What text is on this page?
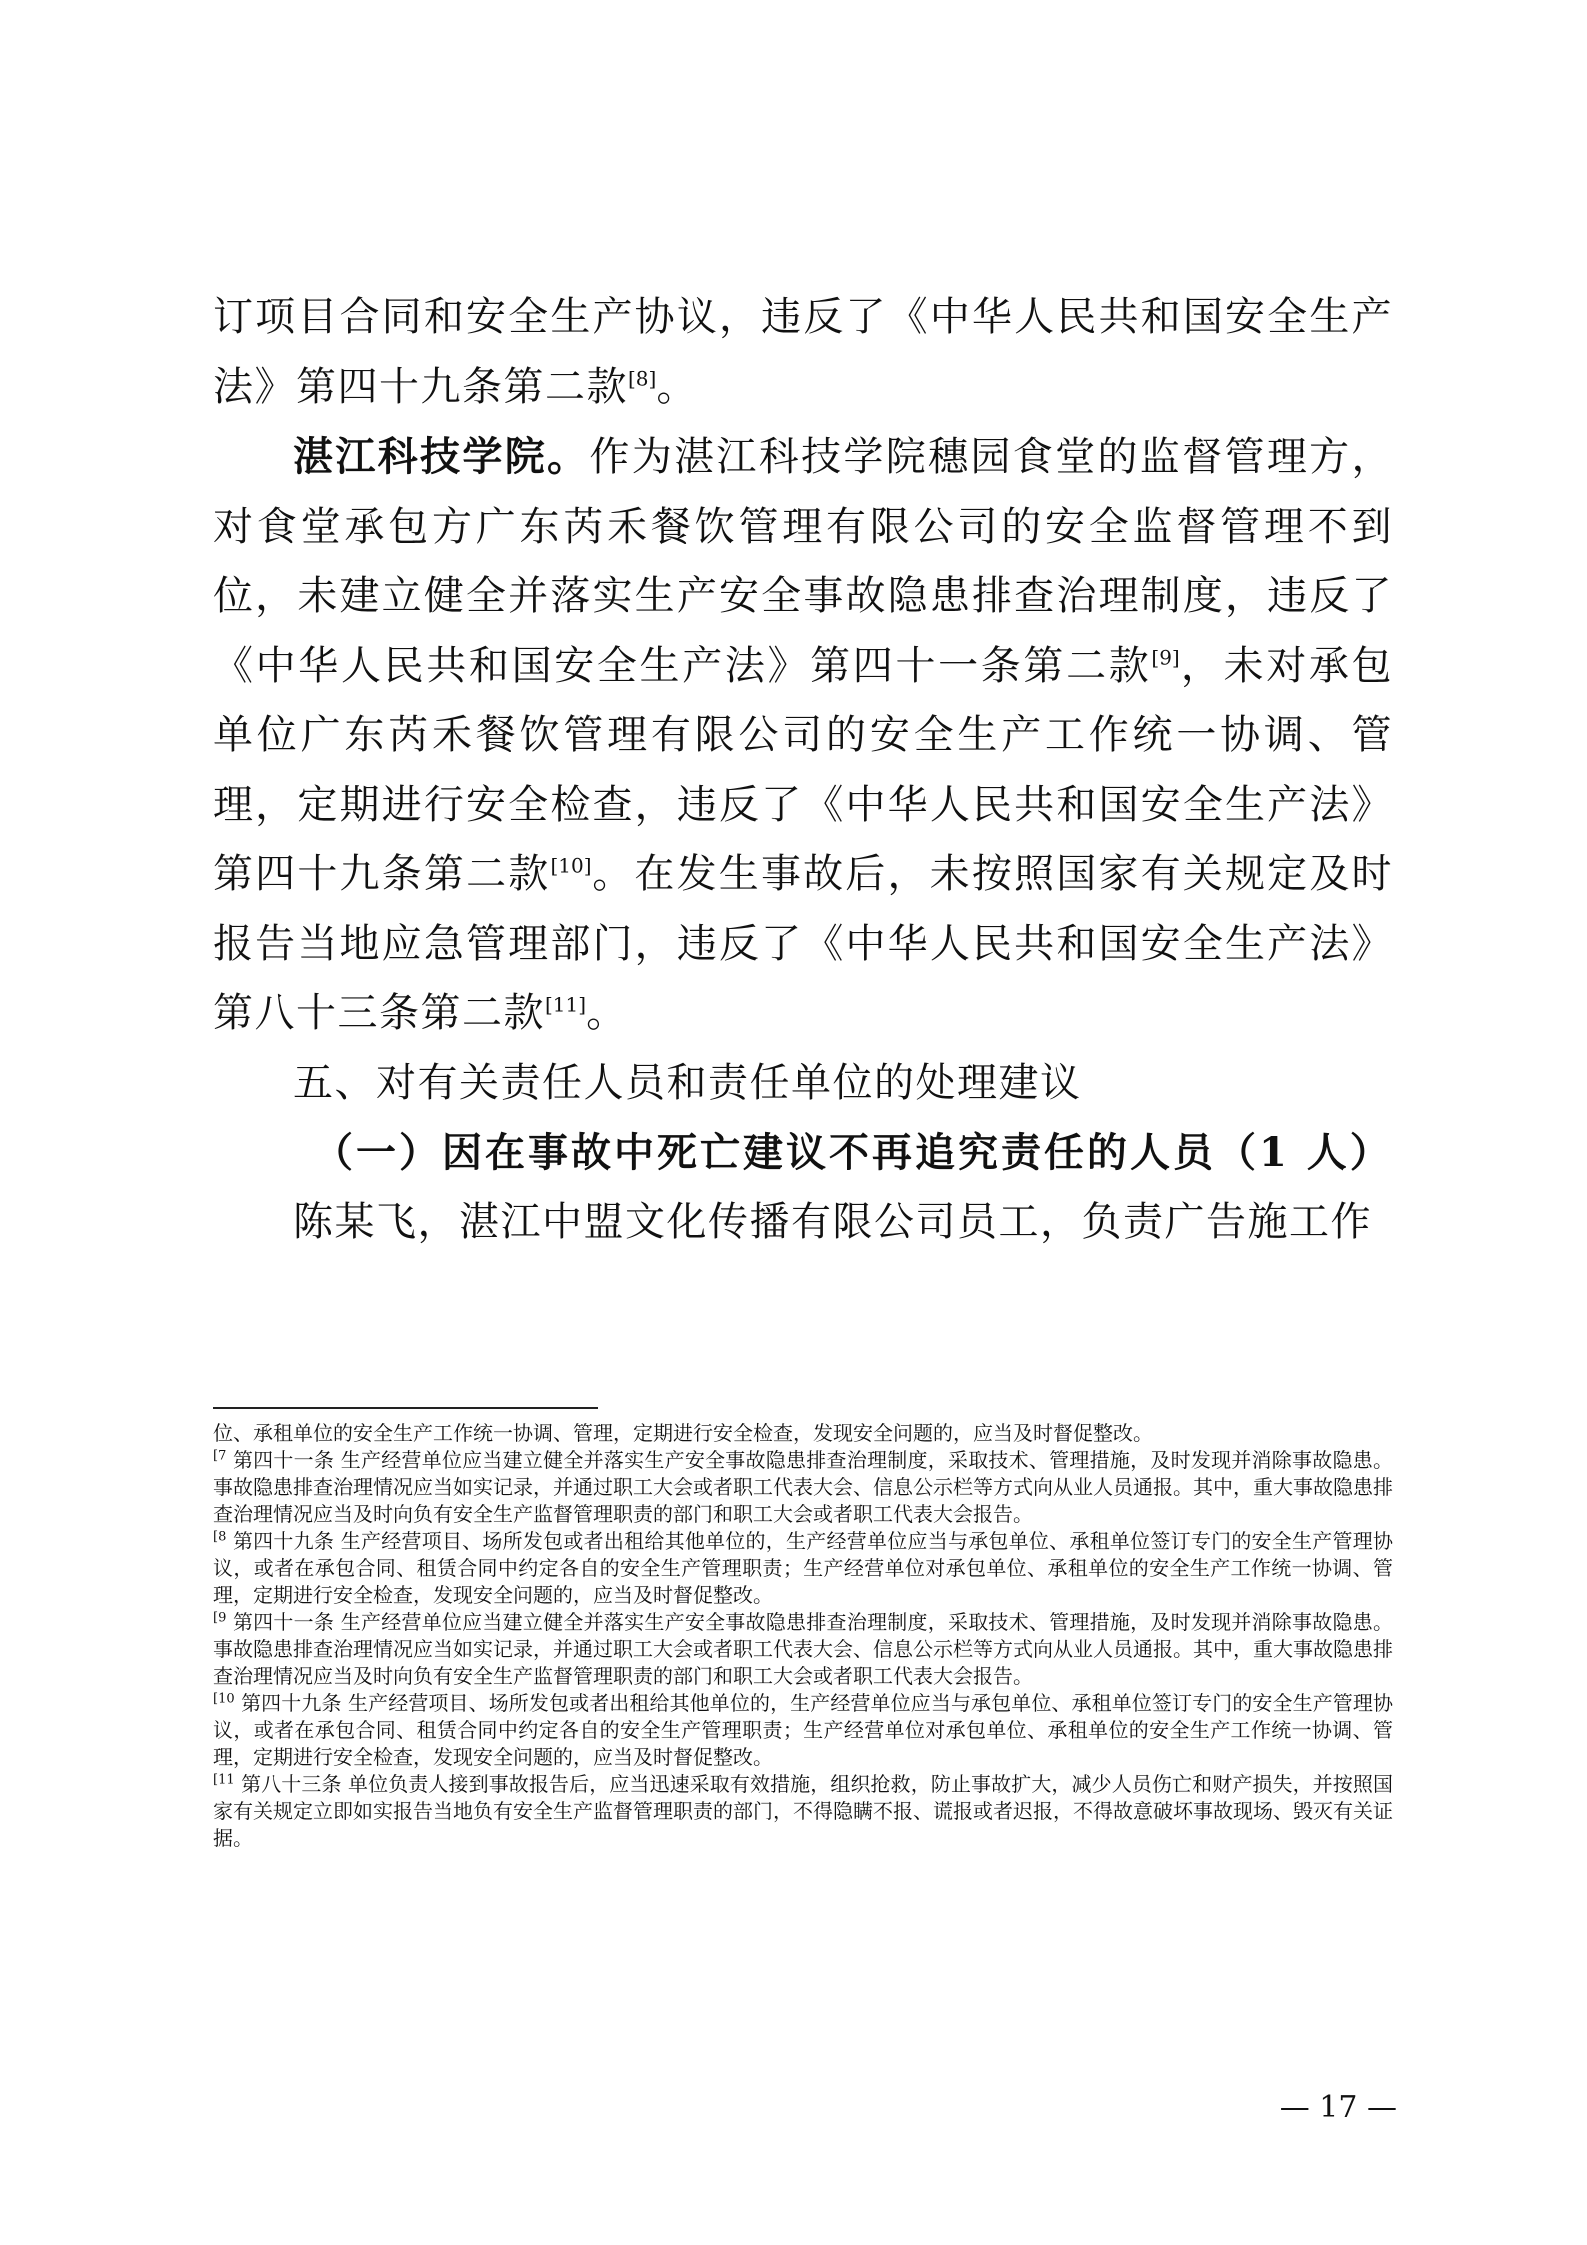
订项目合同和安全生产协议，违反了《中华人民共和国安全生产法》第四十九条第二款[8]。

湛江科技学院。作为湛江科技学院穗园食堂的监督管理方，对食堂承包方广东芮禾餐饮管理有限公司的安全监督管理不到位，未建立健全并落实生产安全事故隐患排查治理制度，违反了《中华人民共和国安全生产法》第四十一条第二款[9]，未对承包单位广东芮禾餐饮管理有限公司的安全生产工作统一协调、管理，定期进行安全检查，违反了《中华人民共和国安全生产法》第四十九条第二款[10]。在发生事故后，未按照国家有关规定及时报告当地应急管理部门，违反了《中华人民共和国安全生产法》第八十三条第二款[11]。

五、对有关责任人员和责任单位的处理建议

（一）因在事故中死亡建议不再追究责任的人员（1 人）

陈某飞，湛江中盟文化传播有限公司员工，负责广告施工作

位、承租单位的安全生产工作统一协调、管理，定期进行安全检查，发现安全问题的，应当及时督促整改。

$^{[7}$ 第四十一条 生产经营单位应当建立健全并落实生产安全事故隐患排查治理制度，采取技术、管理措施，及时发现并消除事故隐患。事故隐患排查治理情况应当如实记录，并通过职工大会或者职工代表大会、信息公示栏等方式向从业人员通报。其中，重大事故隐患排查治理情况应当及时向负有安全生产监督管理职责的部门和职工大会或者职工代表大会报告。

$^{[8}$ 第四十九条 生产经营项目、场所发包或者出租给其他单位的，生产经营单位应当与承包单位、承租单位签订专门的安全生产管理协议，或者在承包合同、租赁合同中约定各自的安全生产管理职责；生产经营单位对承包单位、承租单位的安全生产工作统一协调、管理，定期进行安全检查，发现安全问题的，应当及时督促整改。

$^{[9}$ 第四十一条 生产经营单位应当建立健全并落实生产安全事故隐患排查治理制度，采取技术、管理措施，及时发现并消除事故隐患。事故隐患排查治理情况应当如实记录，并通过职工大会或者职工代表大会、信息公示栏等方式向从业人员通报。其中，重大事故隐患排查治理情况应当及时向负有安全生产监督管理职责的部门和职工大会或者职工代表大会报告。

$^{[10}$ 第四十九条 生产经营项目、场所发包或者出租给其他单位的，生产经营单位应当与承包单位、承租单位签订专门的安全生产管理协议，或者在承包合同、租赁合同中约定各自的安全生产管理职责；生产经营单位对承包单位、承租单位的安全生产工作统一协调、管理，定期进行安全检查，发现安全问题的，应当及时督促整改。

$^{[11}$ 第八十三条 单位负责人接到事故报告后，应当迅速采取有效措施，组织抢救，防止事故扩大，减少人员伤亡和财产损失，并按照国家有关规定立即如实报告当地负有安全生产监督管理职责的部门，不得隐瞒不报、谎报或者迟报，不得故意破坏事故现场、毁灭有关证据。

— 17 —
